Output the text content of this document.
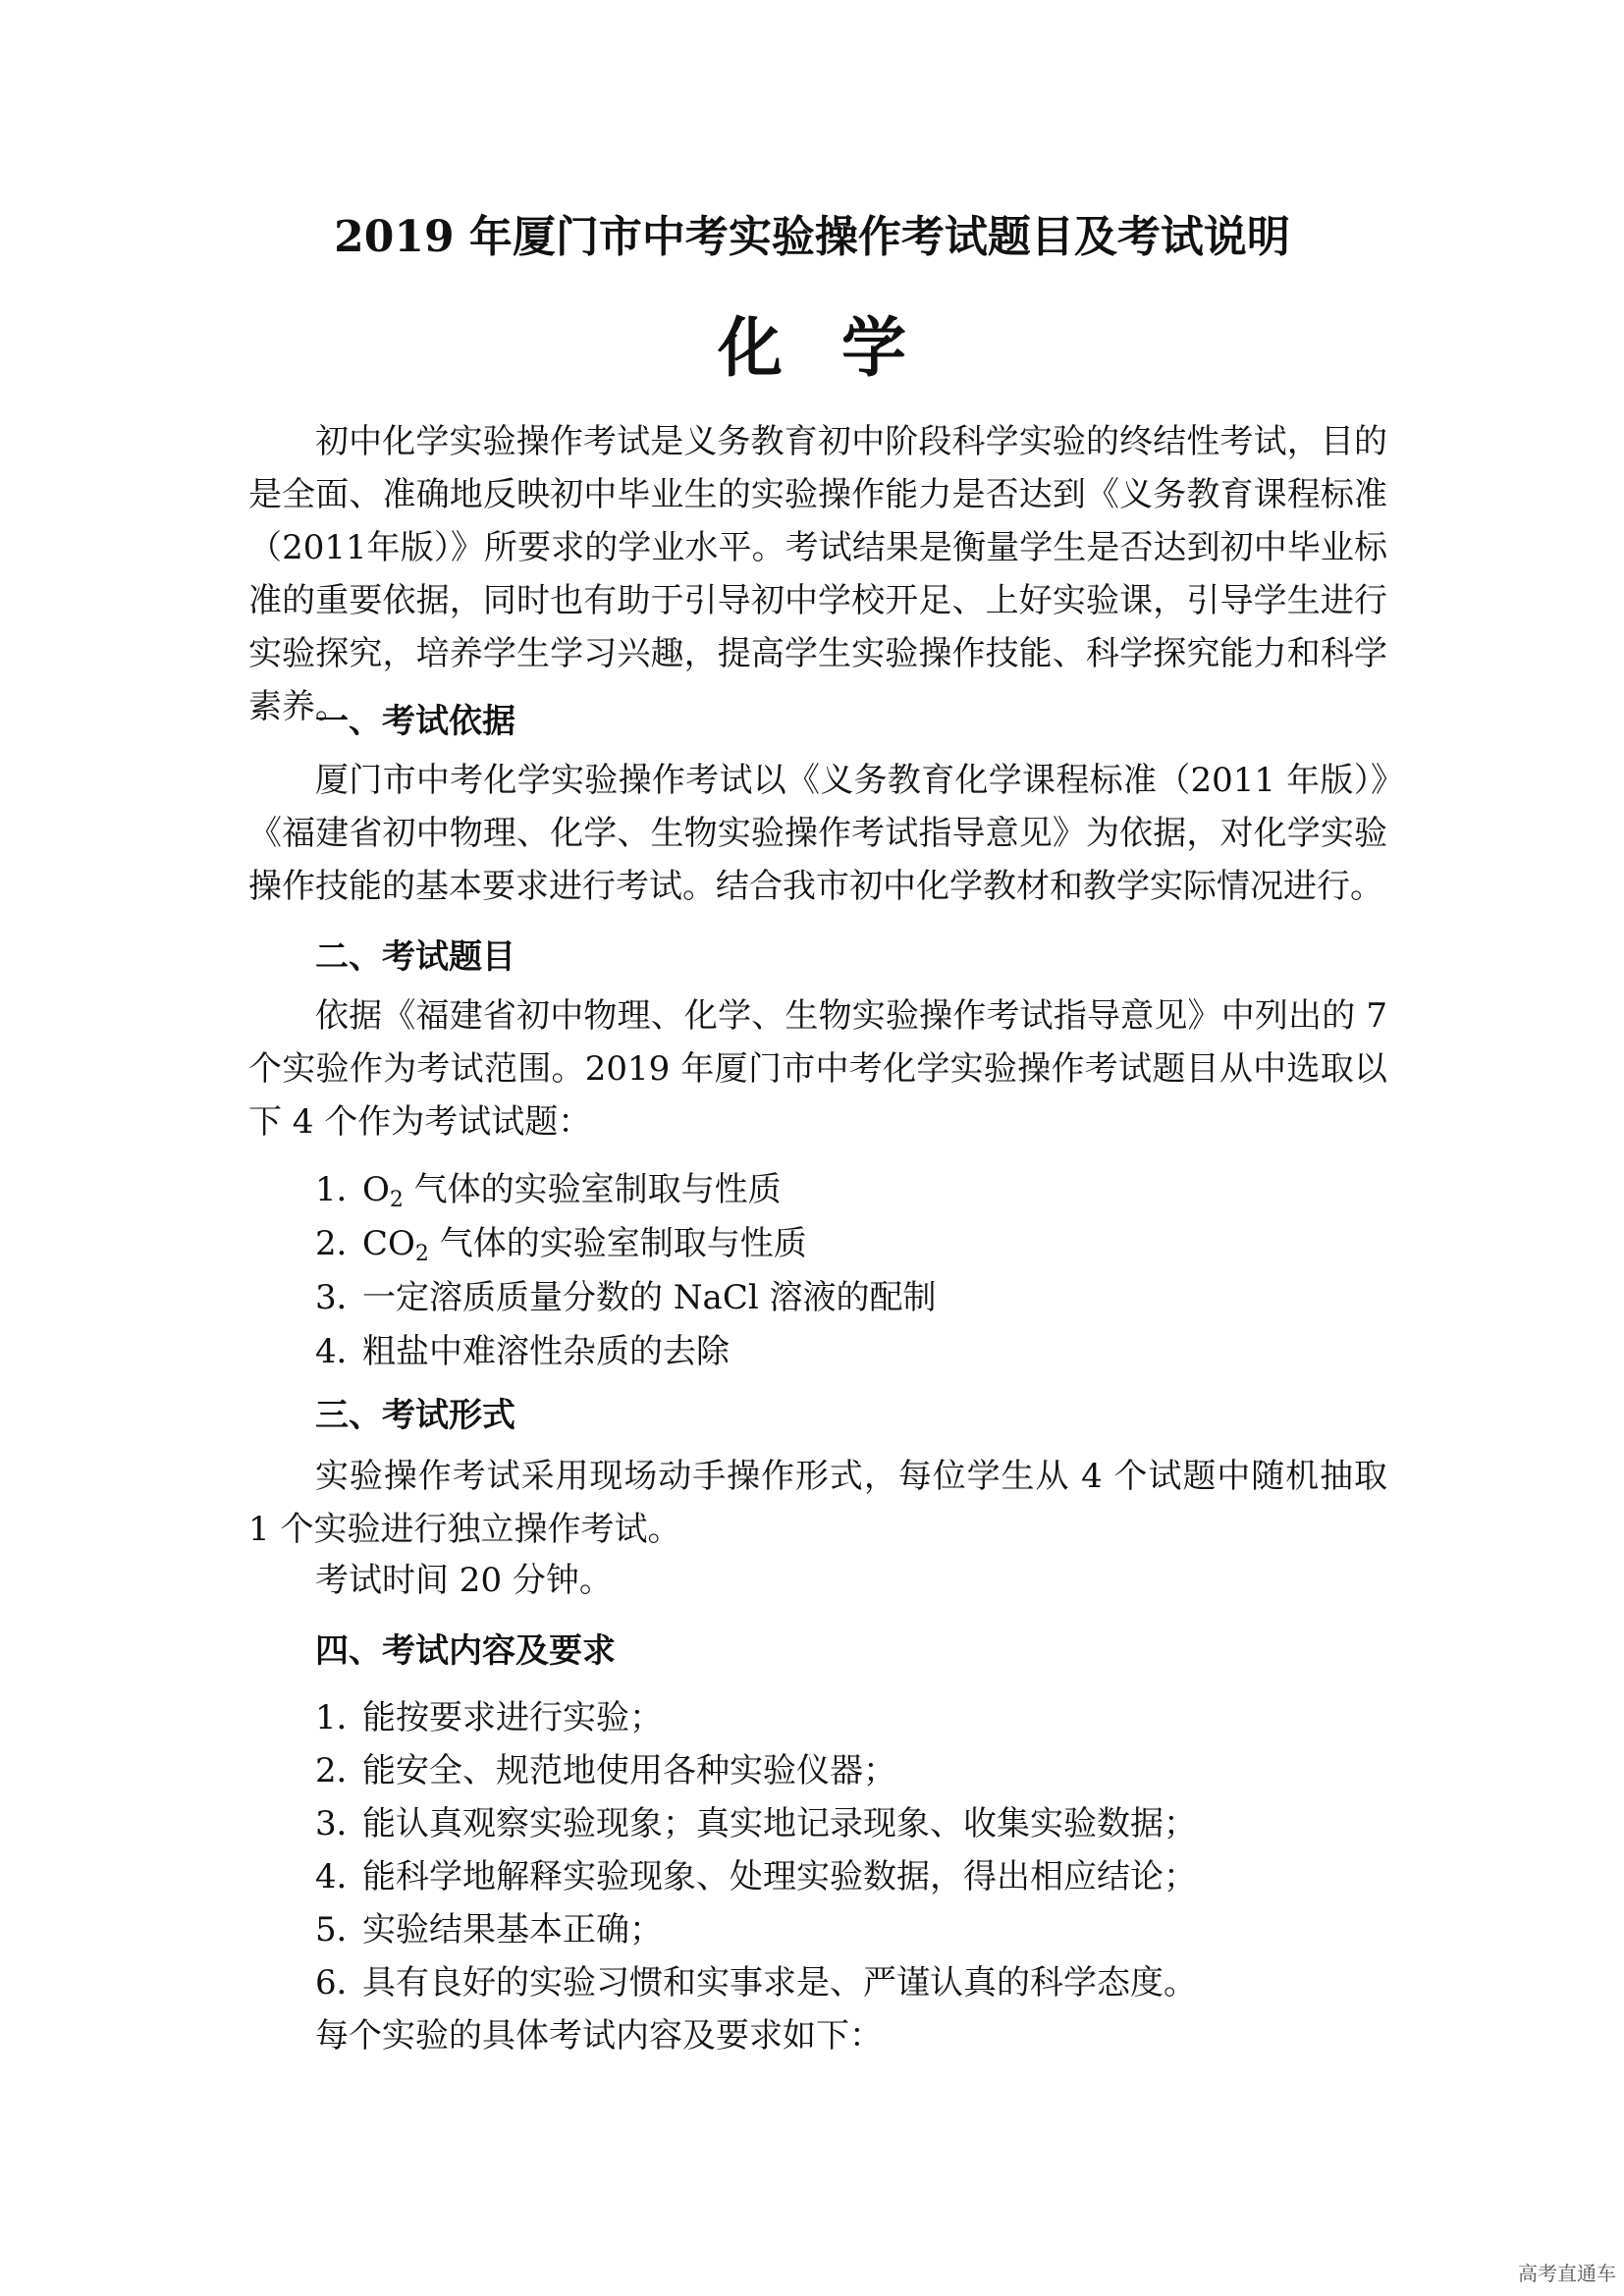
2019 年厦门市中考实验操作考试题目及考试说明
化学

初中化学实验操作考试是义务教育初中阶段科学实验的终结性考试，目的是全面、准确地反映初中毕业生的实验操作能力是否达到《义务教育课程标准（2011年版）》所要求的学业水平。考试结果是衡量学生是否达到初中毕业标准的重要依据，同时也有助于引导初中学校开足、上好实验课，引导学生进行实验探究，培养学生学习兴趣，提高学生实验操作技能、科学探究能力和科学素养。

一、考试依据

厦门市中考化学实验操作考试以《义务教育化学课程标准（2011 年版）》《福建省初中物理、化学、生物实验操作考试指导意见》为依据，对化学实验操作技能的基本要求进行考试。结合我市初中化学教材和教学实际情况进行。

二、考试题目

依据《福建省初中物理、化学、生物实验操作考试指导意见》中列出的 7 个实验作为考试范围。2019 年厦门市中考化学实验操作考试题目从中选取以下 4 个作为考试试题：

1．$O_2$ 气体的实验室制取与性质
2．$CO_2$ 气体的实验室制取与性质
3．一定溶质质量分数的 NaCl 溶液的配制
4．粗盐中难溶性杂质的去除
三、考试形式

实验操作考试采用现场动手操作形式，每位学生从 4 个试题中随机抽取 1 个实验进行独立操作考试。

考试时间 20 分钟。

四、考试内容及要求
1．能按要求进行实验；
2．能安全、规范地使用各种实验仪器；
3．能认真观察实验现象；真实地记录现象、收集实验数据；
4．能科学地解释实验现象、处理实验数据，得出相应结论；
5．实验结果基本正确；
6．具有良好的实验习惯和实事求是、严谨认真的科学态度。
每个实验的具体考试内容及要求如下：
高考直通车
